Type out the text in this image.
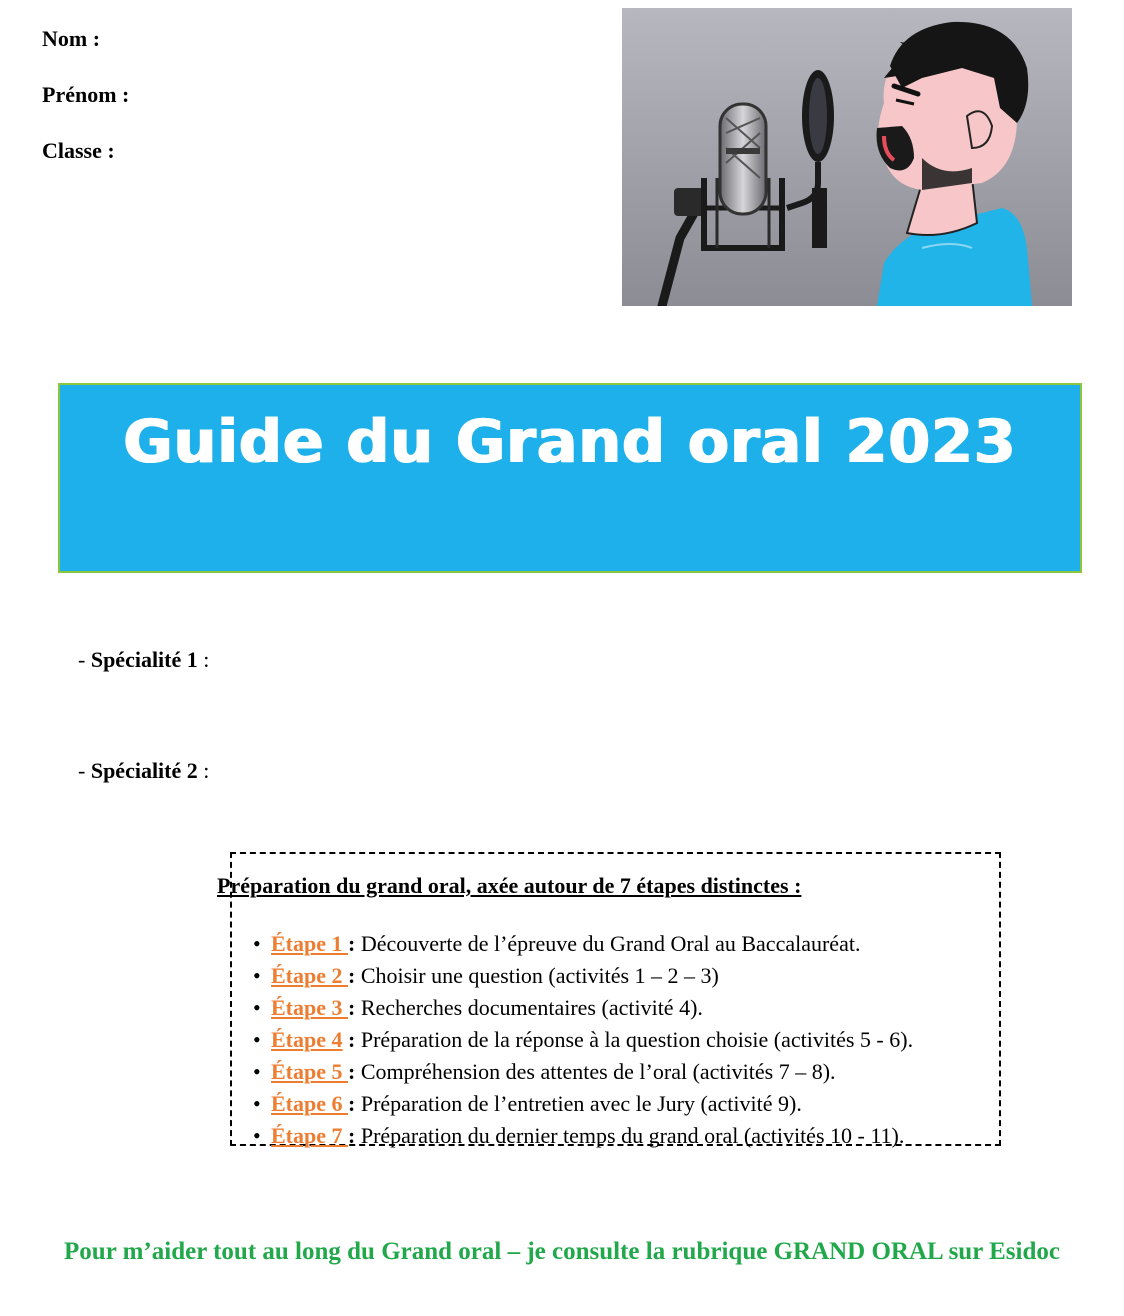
Nom :
Prénom :
Classe :
Guide du Grand oral 2023
- Spécialité 1 :
- Spécialité 2 :
Préparation du grand oral, axée autour de 7 étapes distinctes :
• Étape 1 : Découverte de l’épreuve du Grand Oral au Baccalauréat.
• Étape 2 : Choisir une question (activités 1 – 2 – 3)
• Étape 3 : Recherches documentaires (activité 4).
• Étape 4 : Préparation de la réponse à la question choisie (activités 5 - 6).
• Étape 5 : Compréhension des attentes de l’oral (activités 7 – 8).
• Étape 6 : Préparation de l’entretien avec le Jury (activité 9).
• Étape 7 : Préparation du dernier temps du grand oral (activités 10 - 11).
Pour m’aider tout au long du Grand oral – je consulte la rubrique GRAND ORAL sur Esidoc
